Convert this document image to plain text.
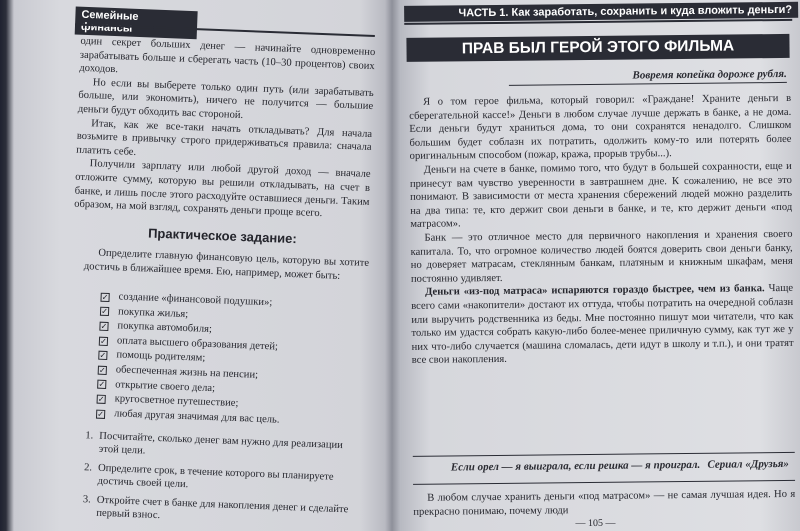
Семейные финансы

один секрет больших денег — начинайте одновременно зарабатывать больше и сберегать часть (10–30 процентов) своих доходов.

Но если вы выберете только один путь (или зарабатывать больше, или экономить), ничего не получится — большие деньги будут обходить вас стороной.

Итак, как же все-таки начать откладывать? Для начала возьмите в привычку строго придерживаться правила: сначала платить себе.

Получили зарплату или любой другой доход — вначале отложите сумму, которую вы решили откладывать, на счет в банке, и лишь после этого расходуйте оставшиеся деньги. Таким образом, на мой взгляд, сохранять деньги проще всего.

Практическое задание:

Определите главную финансовую цель, которую вы хотите достичь в ближайшее время. Ею, например, может быть:

✓ создание «финансовой подушки»;
✓ покупка жилья;
✓ покупка автомобиля;
✓ оплата высшего образования детей;
✓ помощь родителям;
✓ обеспеченная жизнь на пенсии;
✓ открытие своего дела;
✓ кругосветное путешествие;
✓ любая другая значимая для вас цель.
1. Посчитайте, сколько денег вам нужно для реализации этой цели.
2. Определите срок, в течение которого вы планируете достичь своей цели.
3. Откройте счет в банке для накопления денег и сделайте первый взнос.
ЧАСТЬ 1. Как заработать, сохранить и куда вложить деньги?
ПРАВ БЫЛ ГЕРОЙ ЭТОГО ФИЛЬМА
Вовремя копейка дороже рубля.

Я о том герое фильма, который говорил: «Граждане! Храните деньги в сберегательной кассе!» Деньги в любом случае лучше держать в банке, а не дома. Если деньги будут храниться дома, то они сохранятся ненадолго. Слишком большим будет соблазн их потратить, одолжить кому-то или потерять более оригинальным способом (пожар, кража, прорыв трубы...).

Деньги на счете в банке, помимо того, что будут в большей сохранности, еще и принесут вам чувство уверенности в завтрашнем дне. К сожалению, не все это понимают. В зависимости от места хранения сбережений людей можно разделить на два типа: те, кто держит свои деньги в банке, и те, кто держит деньги «под матрасом».

Банк — это отличное место для первичного накопления и хранения своего капитала. То, что огромное количество людей боятся доверить свои деньги банку, но доверяет матрасам, стеклянным банкам, платяным и книжным шкафам, меня постоянно удивляет.

Деньги «из-под матраса» испаряются гораздо быстрее, чем из банка. Чаще всего сами «накопители» достают их оттуда, чтобы потратить на очередной соблазн или выручить родственника из беды. Мне постоянно пишут мои читатели, что как только им удастся собрать какую-либо более-менее приличную сумму, как тут же у них что-либо случается (машина сломалась, дети идут в школу и т.п.), и они тратят все свои накопления.

Если орел — я выиграла, если решка — я проиграл. Сериал «Друзья»

В любом случае хранить деньги «под матрасом» — не самая лучшая идея. Но я прекрасно понимаю, почему люди

— 105 —
